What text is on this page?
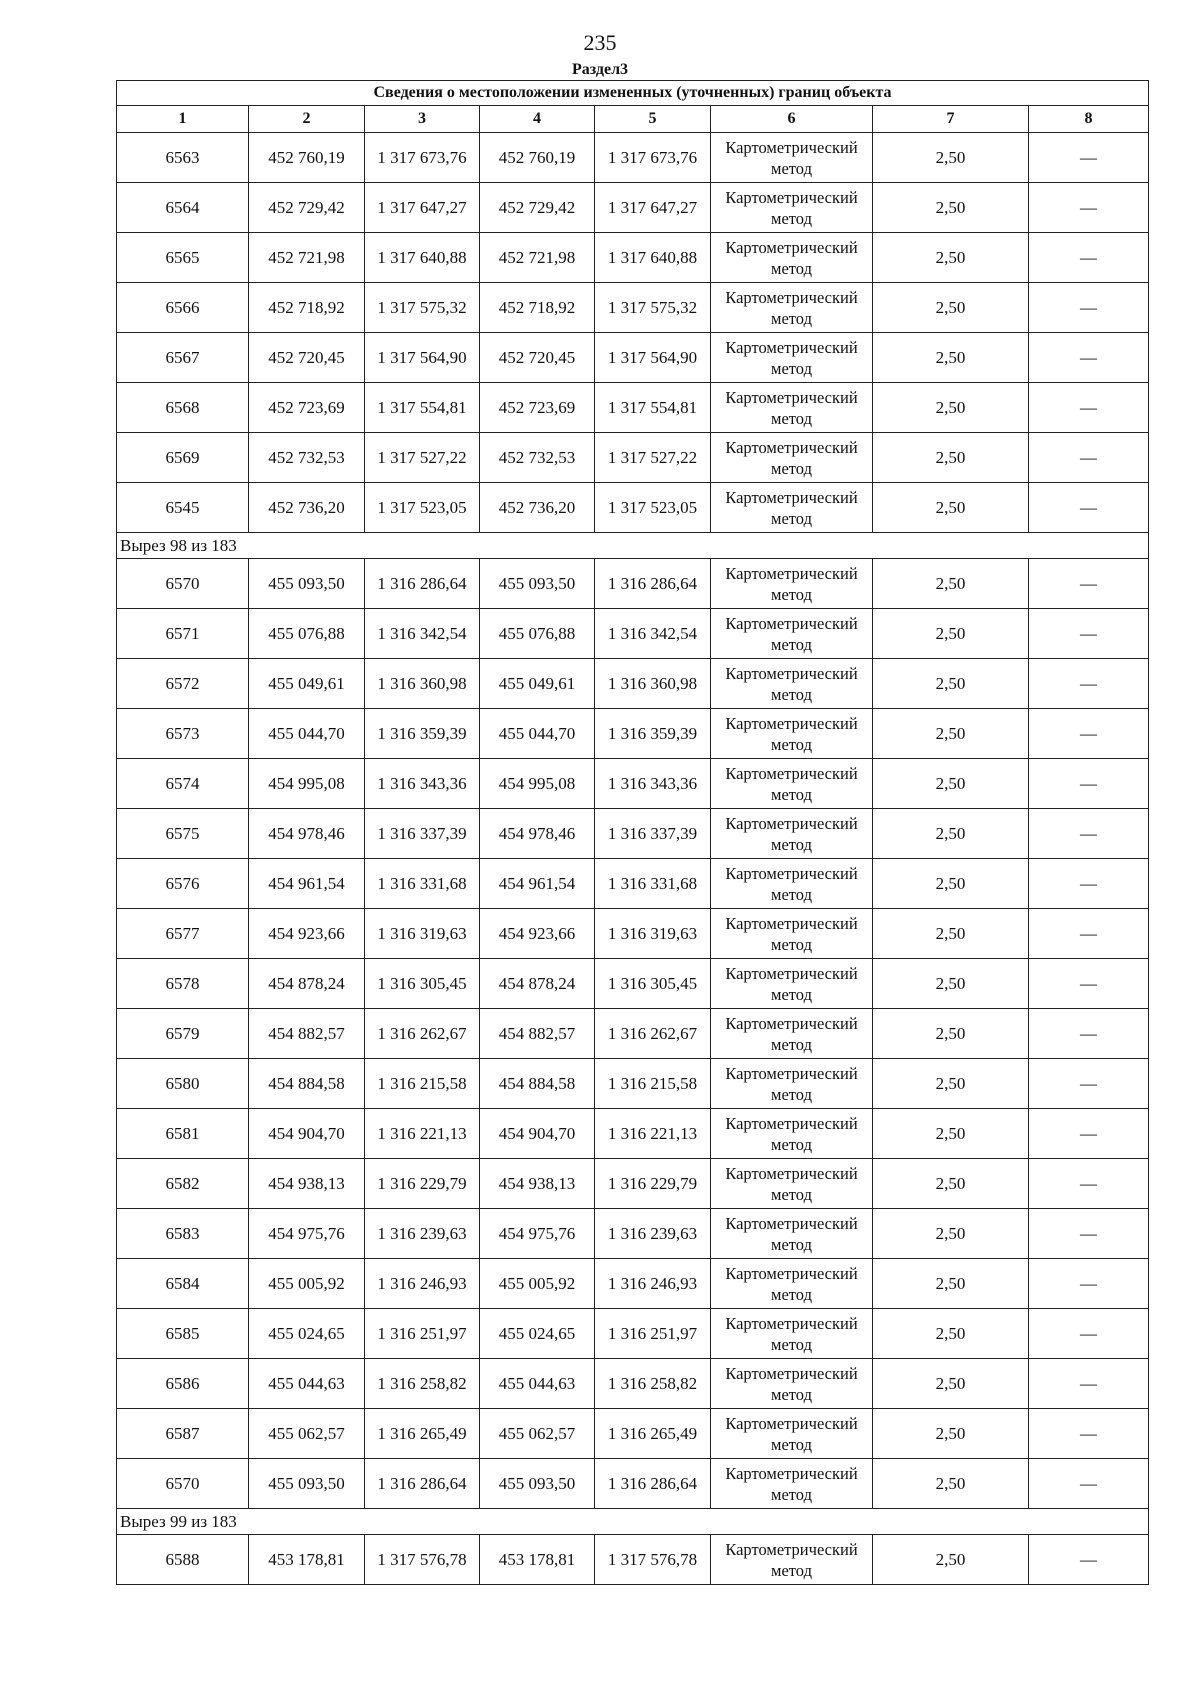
235
Раздел3
Сведения о местоположении измененных (уточненных) границ объекта							
1	2	3	4	5	6	7	8
6563	452 760,19	1 317 673,76	452 760,19	1 317 673,76	Картометрический метод	2,50	—
6564	452 729,42	1 317 647,27	452 729,42	1 317 647,27	Картометрический метод	2,50	—
6565	452 721,98	1 317 640,88	452 721,98	1 317 640,88	Картометрический метод	2,50	—
6566	452 718,92	1 317 575,32	452 718,92	1 317 575,32	Картометрический метод	2,50	—
6567	452 720,45	1 317 564,90	452 720,45	1 317 564,90	Картометрический метод	2,50	—
6568	452 723,69	1 317 554,81	452 723,69	1 317 554,81	Картометрический метод	2,50	—
6569	452 732,53	1 317 527,22	452 732,53	1 317 527,22	Картометрический метод	2,50	—
6545	452 736,20	1 317 523,05	452 736,20	1 317 523,05	Картометрический метод	2,50	—
Вырез 98 из 183							
6570	455 093,50	1 316 286,64	455 093,50	1 316 286,64	Картометрический метод	2,50	—
6571	455 076,88	1 316 342,54	455 076,88	1 316 342,54	Картометрический метод	2,50	—
6572	455 049,61	1 316 360,98	455 049,61	1 316 360,98	Картометрический метод	2,50	—
6573	455 044,70	1 316 359,39	455 044,70	1 316 359,39	Картометрический метод	2,50	—
6574	454 995,08	1 316 343,36	454 995,08	1 316 343,36	Картометрический метод	2,50	—
6575	454 978,46	1 316 337,39	454 978,46	1 316 337,39	Картометрический метод	2,50	—
6576	454 961,54	1 316 331,68	454 961,54	1 316 331,68	Картометрический метод	2,50	—
6577	454 923,66	1 316 319,63	454 923,66	1 316 319,63	Картометрический метод	2,50	—
6578	454 878,24	1 316 305,45	454 878,24	1 316 305,45	Картометрический метод	2,50	—
6579	454 882,57	1 316 262,67	454 882,57	1 316 262,67	Картометрический метод	2,50	—
6580	454 884,58	1 316 215,58	454 884,58	1 316 215,58	Картометрический метод	2,50	—
6581	454 904,70	1 316 221,13	454 904,70	1 316 221,13	Картометрический метод	2,50	—
6582	454 938,13	1 316 229,79	454 938,13	1 316 229,79	Картометрический метод	2,50	—
6583	454 975,76	1 316 239,63	454 975,76	1 316 239,63	Картометрический метод	2,50	—
6584	455 005,92	1 316 246,93	455 005,92	1 316 246,93	Картометрический метод	2,50	—
6585	455 024,65	1 316 251,97	455 024,65	1 316 251,97	Картометрический метод	2,50	—
6586	455 044,63	1 316 258,82	455 044,63	1 316 258,82	Картометрический метод	2,50	—
6587	455 062,57	1 316 265,49	455 062,57	1 316 265,49	Картометрический метод	2,50	—
6570	455 093,50	1 316 286,64	455 093,50	1 316 286,64	Картометрический метод	2,50	—
Вырез 99 из 183							
6588	453 178,81	1 317 576,78	453 178,81	1 317 576,78	Картометрический метод	2,50	—
